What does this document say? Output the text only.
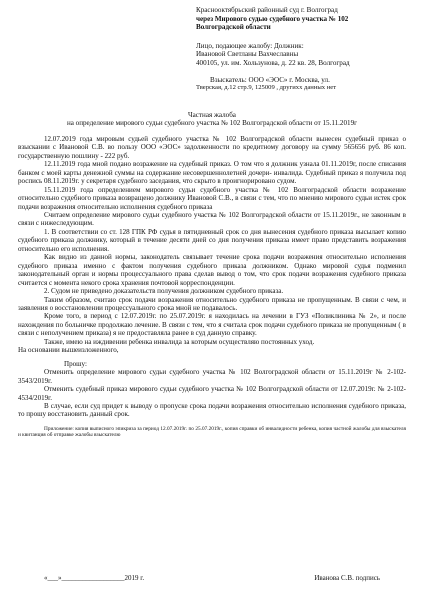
Краснооктябрьский районный суд г. Волгоград
через Мирового судью судебного участка № 102
Волгоградской области
Лицо, подающее жалобу: Должник:
Ивановой Светланы Вахчеславны
400105, ул. им. Хользунова, д. 22 кв. 28, Волгоград
Взыскатель: ООО «ЭОС» г. Москва, ул.
Тверская, д.12 стр.9, 125009 , другихх данных нет
Частная жалоба
на определение мирового судьи судебного участка № 102 Волгоградской области от 15.11.2019г

12.07.2019 года мировым судьей судебного участка № 102 Волгоградской области вынесен судебный приказ о взыскании с Ивановой С.В. во пользу ООО «ЭОС» задолженности по кредитному договору на сумму 565656 руб. 86 коп. государственную пошлину - 222 руб.

12.11.2019 года мной подано возражение на судебный приказ. О том что я должник узнала 01.11.2019г, после списания банком с моей карты денежной суммы на содержание несовершеннолетней дочери- инвалида. Судебный приказ я получила под роспись 08.11.2019г. у секретаря судебного заседания, что скрыто в проигнорировано судом.

15.11.2019 года определением мирового судьи судебного участка № 102 Волгоградской области возражение относительно судебного приказа возвращено должнику Ивановой С.В., в связи с тем, что по мнению мирового судьи истек срок подачи возражения относительно исполнения судебного приказа

Считаем определение мирового судьи судебного участка № 102 Волгоградской области от 15.11.2019г., не законным в связи с нижеследующим.

1. В соответствии со ст. 128 ГПК РФ судья в пятидневный срок со дня вынесения судебного приказа высылает копию судебного приказа должнику, который в течение десяти дней со дня получения приказа имеет право представить возражения относительно его исполнения.

Как видно из данной нормы, законодатель связывает течение срока подачи возражения относительно исполнения судебного приказа именно с фактом получения судебного приказа должником. Однако мировой судья подменил законодательный орган и нормы процессуального права сделав вывод о том, что срок подачи возражения судебного приказа считается с момента некого срока хранения почтовой корреспонденции.

2. Судом не приведено доказательств получения должником судебного приказа.

Таким образом, считаю срок подачи возражения относительно судебного приказа не пропущенным. В связи с чем, и заявления о восстановлении процессуального срока мной не подавалось.

Кроме того, в период с 12.07.2019г. по 25.07.2019г. я находилась на лечении в ГУЗ «Поликлиника № 2», и после нахождения по больничке продолжаю лечение. В связи с тем, что я считала срок подачи судебного приказа не пропущенным ( в связи с неполучением приказа) я не предоставляла ранее в суд данную справку.

Также, имею на иждивении ребенка инвалида за которым осуществляю постоянных уход.

На основании вышеизложенного,

Прошу:

Отменить определение мирового судьи судебного участка № 102 Волгоградской области от 15.11.2019г № 2-102-3543/2019г.

Отменить судебный приказ мирового судьи судебного участка № 102 Волгоградской области от 12.07.2019г. № 2-102-4534/2019г.

В случае, если суд придет к выводу о пропуске срока подачи возражения относительно исполнения судебного приказа, то прошу восстановить данный срок.

Приложение: копия выписного эпикриза за период 12.07.2019г. по 25.07.2019г., копия справки об инвалидности ребенка, копия частной жалобы для взыскателя и квитанция об отправке жалобы взыскателю
«___»__________________2019 г.	Иванова С.В. подпись
